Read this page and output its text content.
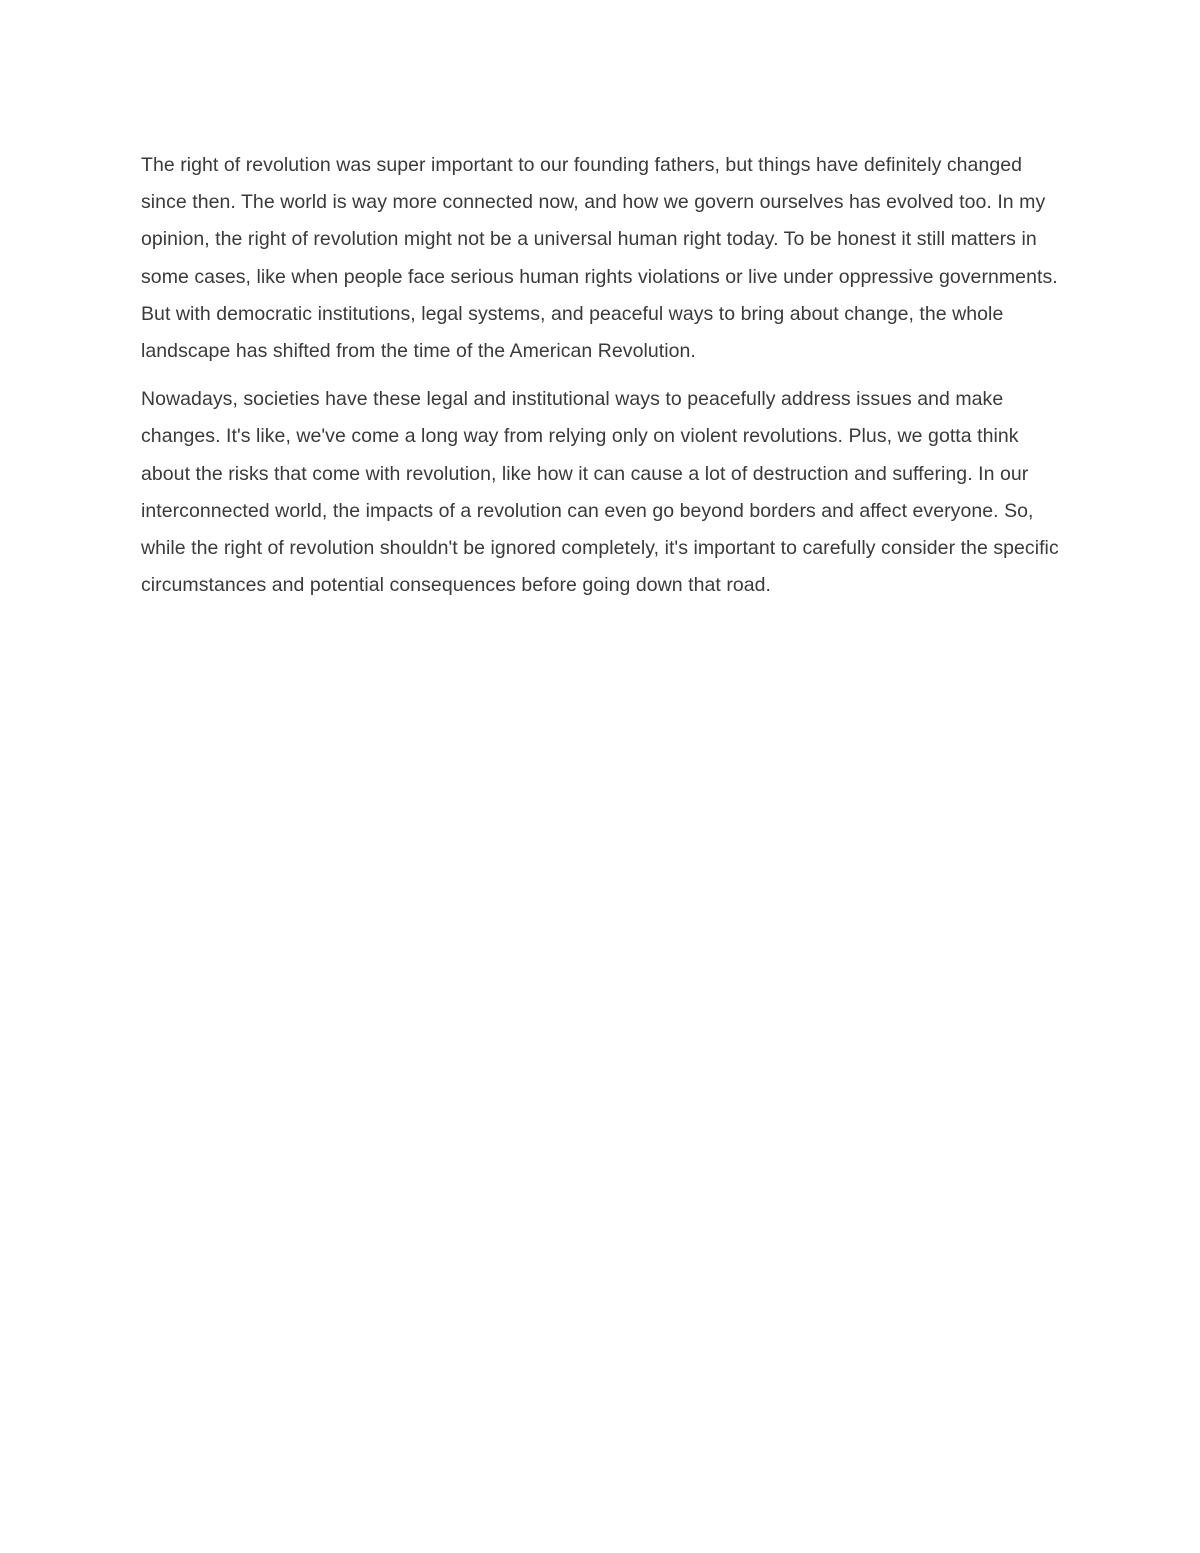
The right of revolution was super important to our founding fathers, but things have definitely changed since then. The world is way more connected now, and how we govern ourselves has evolved too. In my opinion, the right of revolution might not be a universal human right today. To be honest it still matters in some cases, like when people face serious human rights violations or live under oppressive governments. But with democratic institutions, legal systems, and peaceful ways to bring about change, the whole landscape has shifted from the time of the American Revolution.

Nowadays, societies have these legal and institutional ways to peacefully address issues and make changes. It's like, we've come a long way from relying only on violent revolutions. Plus, we gotta think about the risks that come with revolution, like how it can cause a lot of destruction and suffering. In our interconnected world, the impacts of a revolution can even go beyond borders and affect everyone. So, while the right of revolution shouldn't be ignored completely, it's important to carefully consider the specific circumstances and potential consequences before going down that road.
